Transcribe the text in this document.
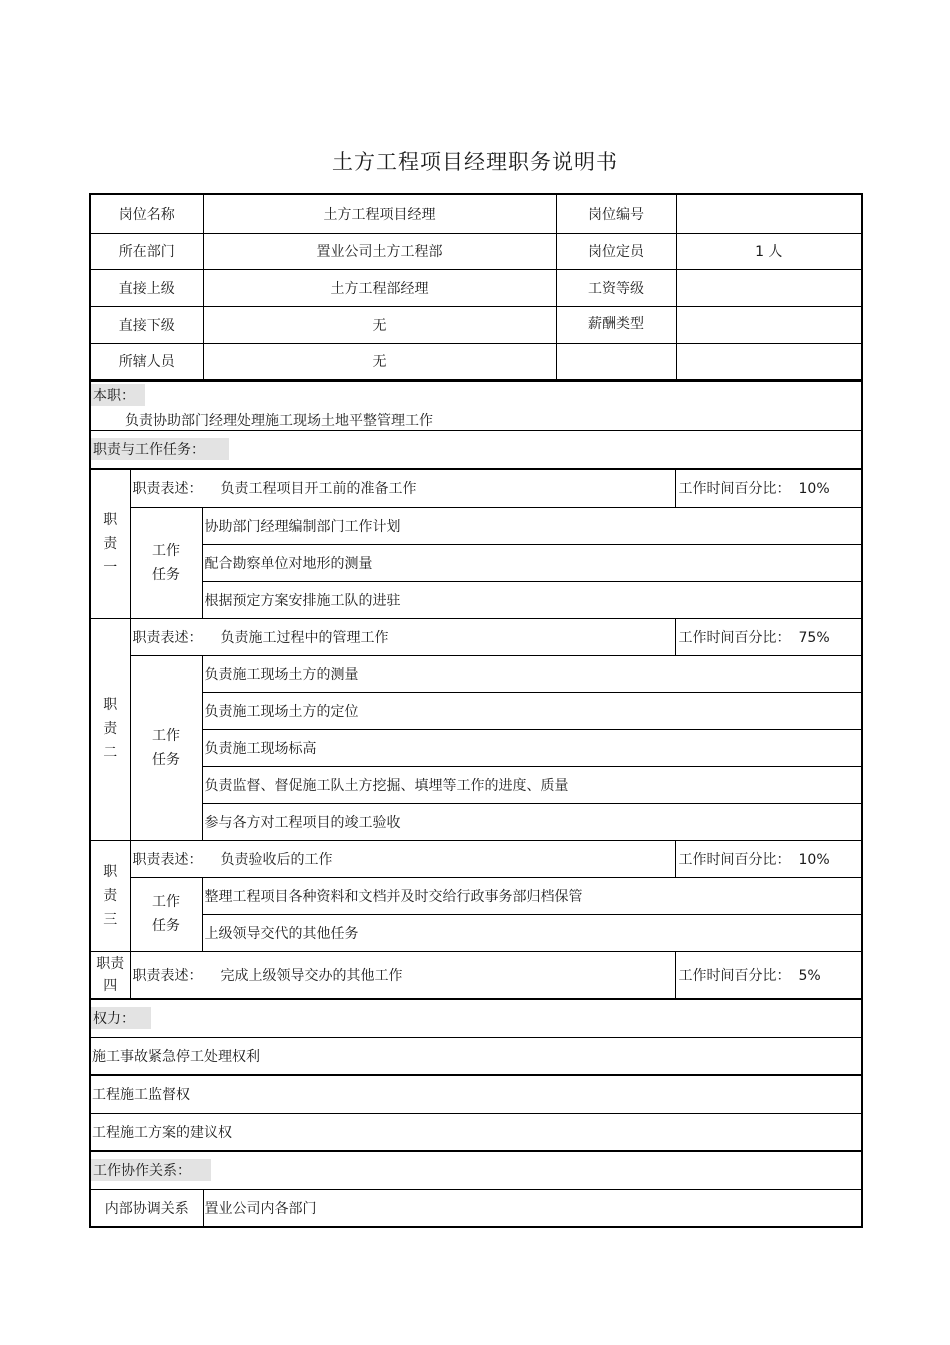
土方工程项目经理职务说明书
岗位名称	土方工程项目经理	岗位编号	
所在部门	置业公司土方工程部	岗位定员	1 人
直接上级	土方工程部经理	工资等级	
直接下级	无	薪酬类型	
所辖人员	无		
本职：
负责协助部门经理处理施工现场土地平整管理工作

职责与工作任务：
职责一	职责表述： 负责工程项目开工前的准备工作		工作时间百分比： 10%
	工作任务	协助部门经理编制部门工作计划	
		配合勘察单位对地形的测量	
		根据预定方案安排施工队的进驻	
职责二	职责表述： 负责施工过程中的管理工作		工作时间百分比： 75%
	工作任务	负责施工现场土方的测量	
		负责施工现场土方的定位	
		负责施工现场标高	
		负责监督、督促施工队土方挖掘、填埋等工作的进度、质量	
		参与各方对工程项目的竣工验收	
职责三	职责表述： 负责验收后的工作		工作时间百分比： 10%
	工作任务	整理工程项目各种资料和文档并及时交给行政事务部归档保管	
		上级领导交代的其他任务	
职责四	职责表述： 完成上级领导交办的其他工作		工作时间百分比： 5%
权力：
施工事故紧急停工处理权利
工程施工监督权
工程施工方案的建议权
工作协作关系：
内部协调关系	置业公司内各部门
